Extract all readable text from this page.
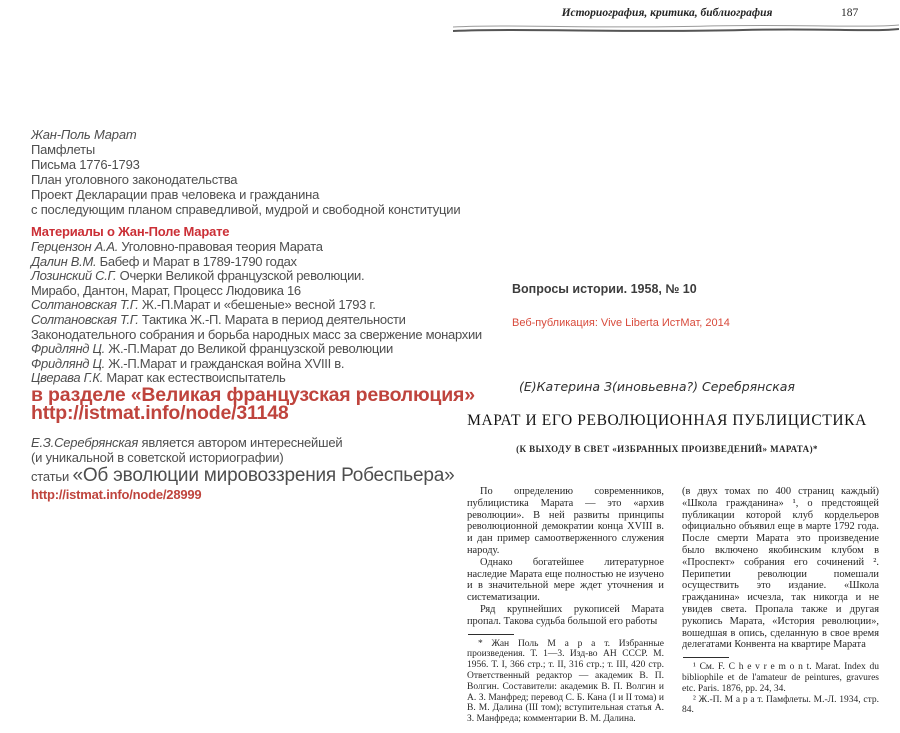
Историография, критика, библиография	187
Жан-Поль Марат
Памфлеты
Письма 1776-1793
План уголовного законодательства
Проект Декларации прав человека и гражданина
с последующим планом справедливой, мудрой и свободной конституции
Материалы о Жан-Поле Марате
Герцензон А.А. Уголовно-правовая теория Марата
Далин В.М. Бабеф и Марат в 1789-1790 годах
Лозинский С.Г. Очерки Великой французской революции.
Мирабо, Дантон, Марат, Процесс Людовика 16
Солтановская Т.Г. Ж.-П.Марат и «бешеные» весной 1793 г.
Солтановская Т.Г. Тактика Ж.-П. Марата в период деятельности
Законодательного собрания и борьба народных масс за свержение монархии
Фридлянд Ц. Ж.-П.Марат до Великой французской революции
Фридлянд Ц. Ж.-П.Марат и гражданская война XVIII в.
Цверава Г.К. Марат как естествоиспытатель
в разделе «Великая французская революция»
http://istmat.info/node/31148
Е.З.Серебрянская является автором интереснейшей
(и уникальной в советской историографии)
статьи «Об эволюции мировоззрения Робеспьера»
http://istmat.info/node/28999
Вопросы истории. 1958, № 10
Веб-публикация: Vive Liberta ИстМат, 2014
(Е)Катерина З(иновьевна?) Серебрянская
МАРАТ И ЕГО РЕВОЛЮЦИОННАЯ ПУБЛИЦИСТИКА
(К ВЫХОДУ В СВЕТ «ИЗБРАННЫХ ПРОИЗВЕДЕНИЙ» МАРАТА)*

По определению современников, публицистика Марата — это «архив революции». В ней развиты принципы революционной демократии конца XVIII в. и дан пример самоотверженного служения народу.

Однако богатейшее литературное наследие Марата еще полностью не изучено и в значительной мере ждет уточнения и систематизации.

Ряд крупнейших рукописей Марата пропал. Такова судьба большой его работы

* Жан Поль М а р а т. Избранные произведения. Т. 1—3. Изд-во АН СССР. М. 1956. Т. I, 366 стр.; т. II, 316 стр.; т. III, 420 стр. Ответственный редактор — академик В. П. Волгин. Составители: академик В. П. Волгин и А. З. Манфред; перевод С. Б. Кана (I и II тома) и В. М. Далина (III том); вступительная статья А. З. Манфреда; комментарии В. М. Далина.

(в двух томах по 400 страниц каждый) «Школа гражданина» ¹, о предстоящей публикации которой клуб кордельеров официально объявил еще в марте 1792 года. После смерти Марата это произведение было включено якобинским клубом в «Проспект» собрания его сочинений ². Перипетии революции помешали осуществить это издание. «Школа гражданина» исчезла, так никогда и не увидев света. Пропала также и другая рукопись Марата, «История революции», вошедшая в опись, сделанную в свое время делегатами Конвента на квартире Марата

¹ См. F. C h e v r e m o n t. Marat. Index du bibliophile et de l'amateur de peintures, gravures etc. Paris. 1876, pp. 24, 34.

² Ж.-П. М а р а т. Памфлеты. М.-Л. 1934, стр. 84.
